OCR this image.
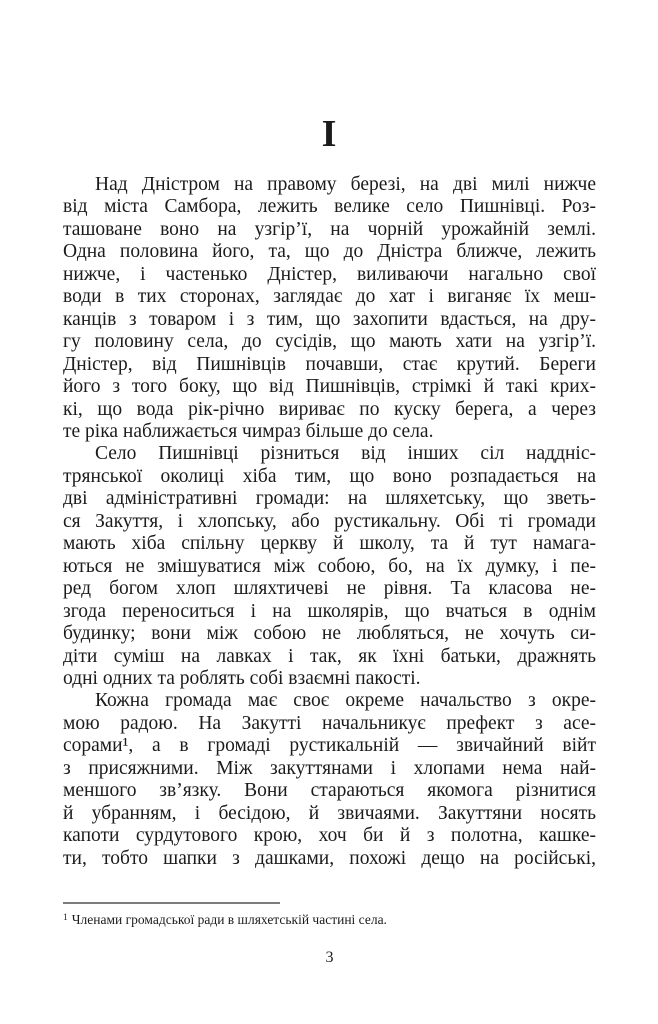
I
Над Дністром на правому березі, на дві милі нижче
від міста Самбора, лежить велике село Пишнівці. Роз-
ташоване воно на узгір’ї, на чорній урожайній землі.
Одна половина його, та, що до Дністра ближче, лежить
нижче, і частенько Дністер, виливаючи нагально свої
води в тих сторонах, заглядає до хат і виганяє їх меш-
канців з товаром і з тим, що захопити вдасться, на дру-
гу половину села, до сусідів, що мають хати на узгір’ї.
Дністер, від Пишнівців почавши, стає крутий. Береги
його з того боку, що від Пишнівців, стрімкі й такі крих-
кі, що вода рік-річно вириває по куску берега, а через
те ріка наближається чимраз більше до села.
Село Пишнівці різниться від інших сіл наддніс-
трянської околиці хіба тим, що воно розпадається на
дві адміністративні громади: на шляхетську, що зветь-
ся Закуття, і хлопську, або рустикальну. Обі ті громади
мають хіба спільну церкву й школу, та й тут намага-
ються не змішуватися між собою, бо, на їх думку, і пе-
ред богом хлоп шляхтичеві не рівня. Та класова не-
згода переноситься і на школярів, що вчаться в однім
будинку; вони між собою не любляться, не хочуть си-
діти суміш на лавках і так, як їхні батьки, дражнять
одні одних та роблять собі взаємні пакості.
Кожна громада має своє окреме начальство з окре-
мою радою. На Закутті начальникує префект з асе-
сорами¹, а в громаді рустикальній — звичайний війт
з присяжними. Між закуттянами і хлопами нема най-
меншого зв’язку. Вони стараються якомога різнитися
й убранням, і бесідою, й звичаями. Закуттяни носять
капоти сурдутового крою, хоч би й з полотна, кашке-
ти, тобто шапки з дашками, похожі дещо на російські,
1 Членами громадської ради в шляхетській частині села.
3
